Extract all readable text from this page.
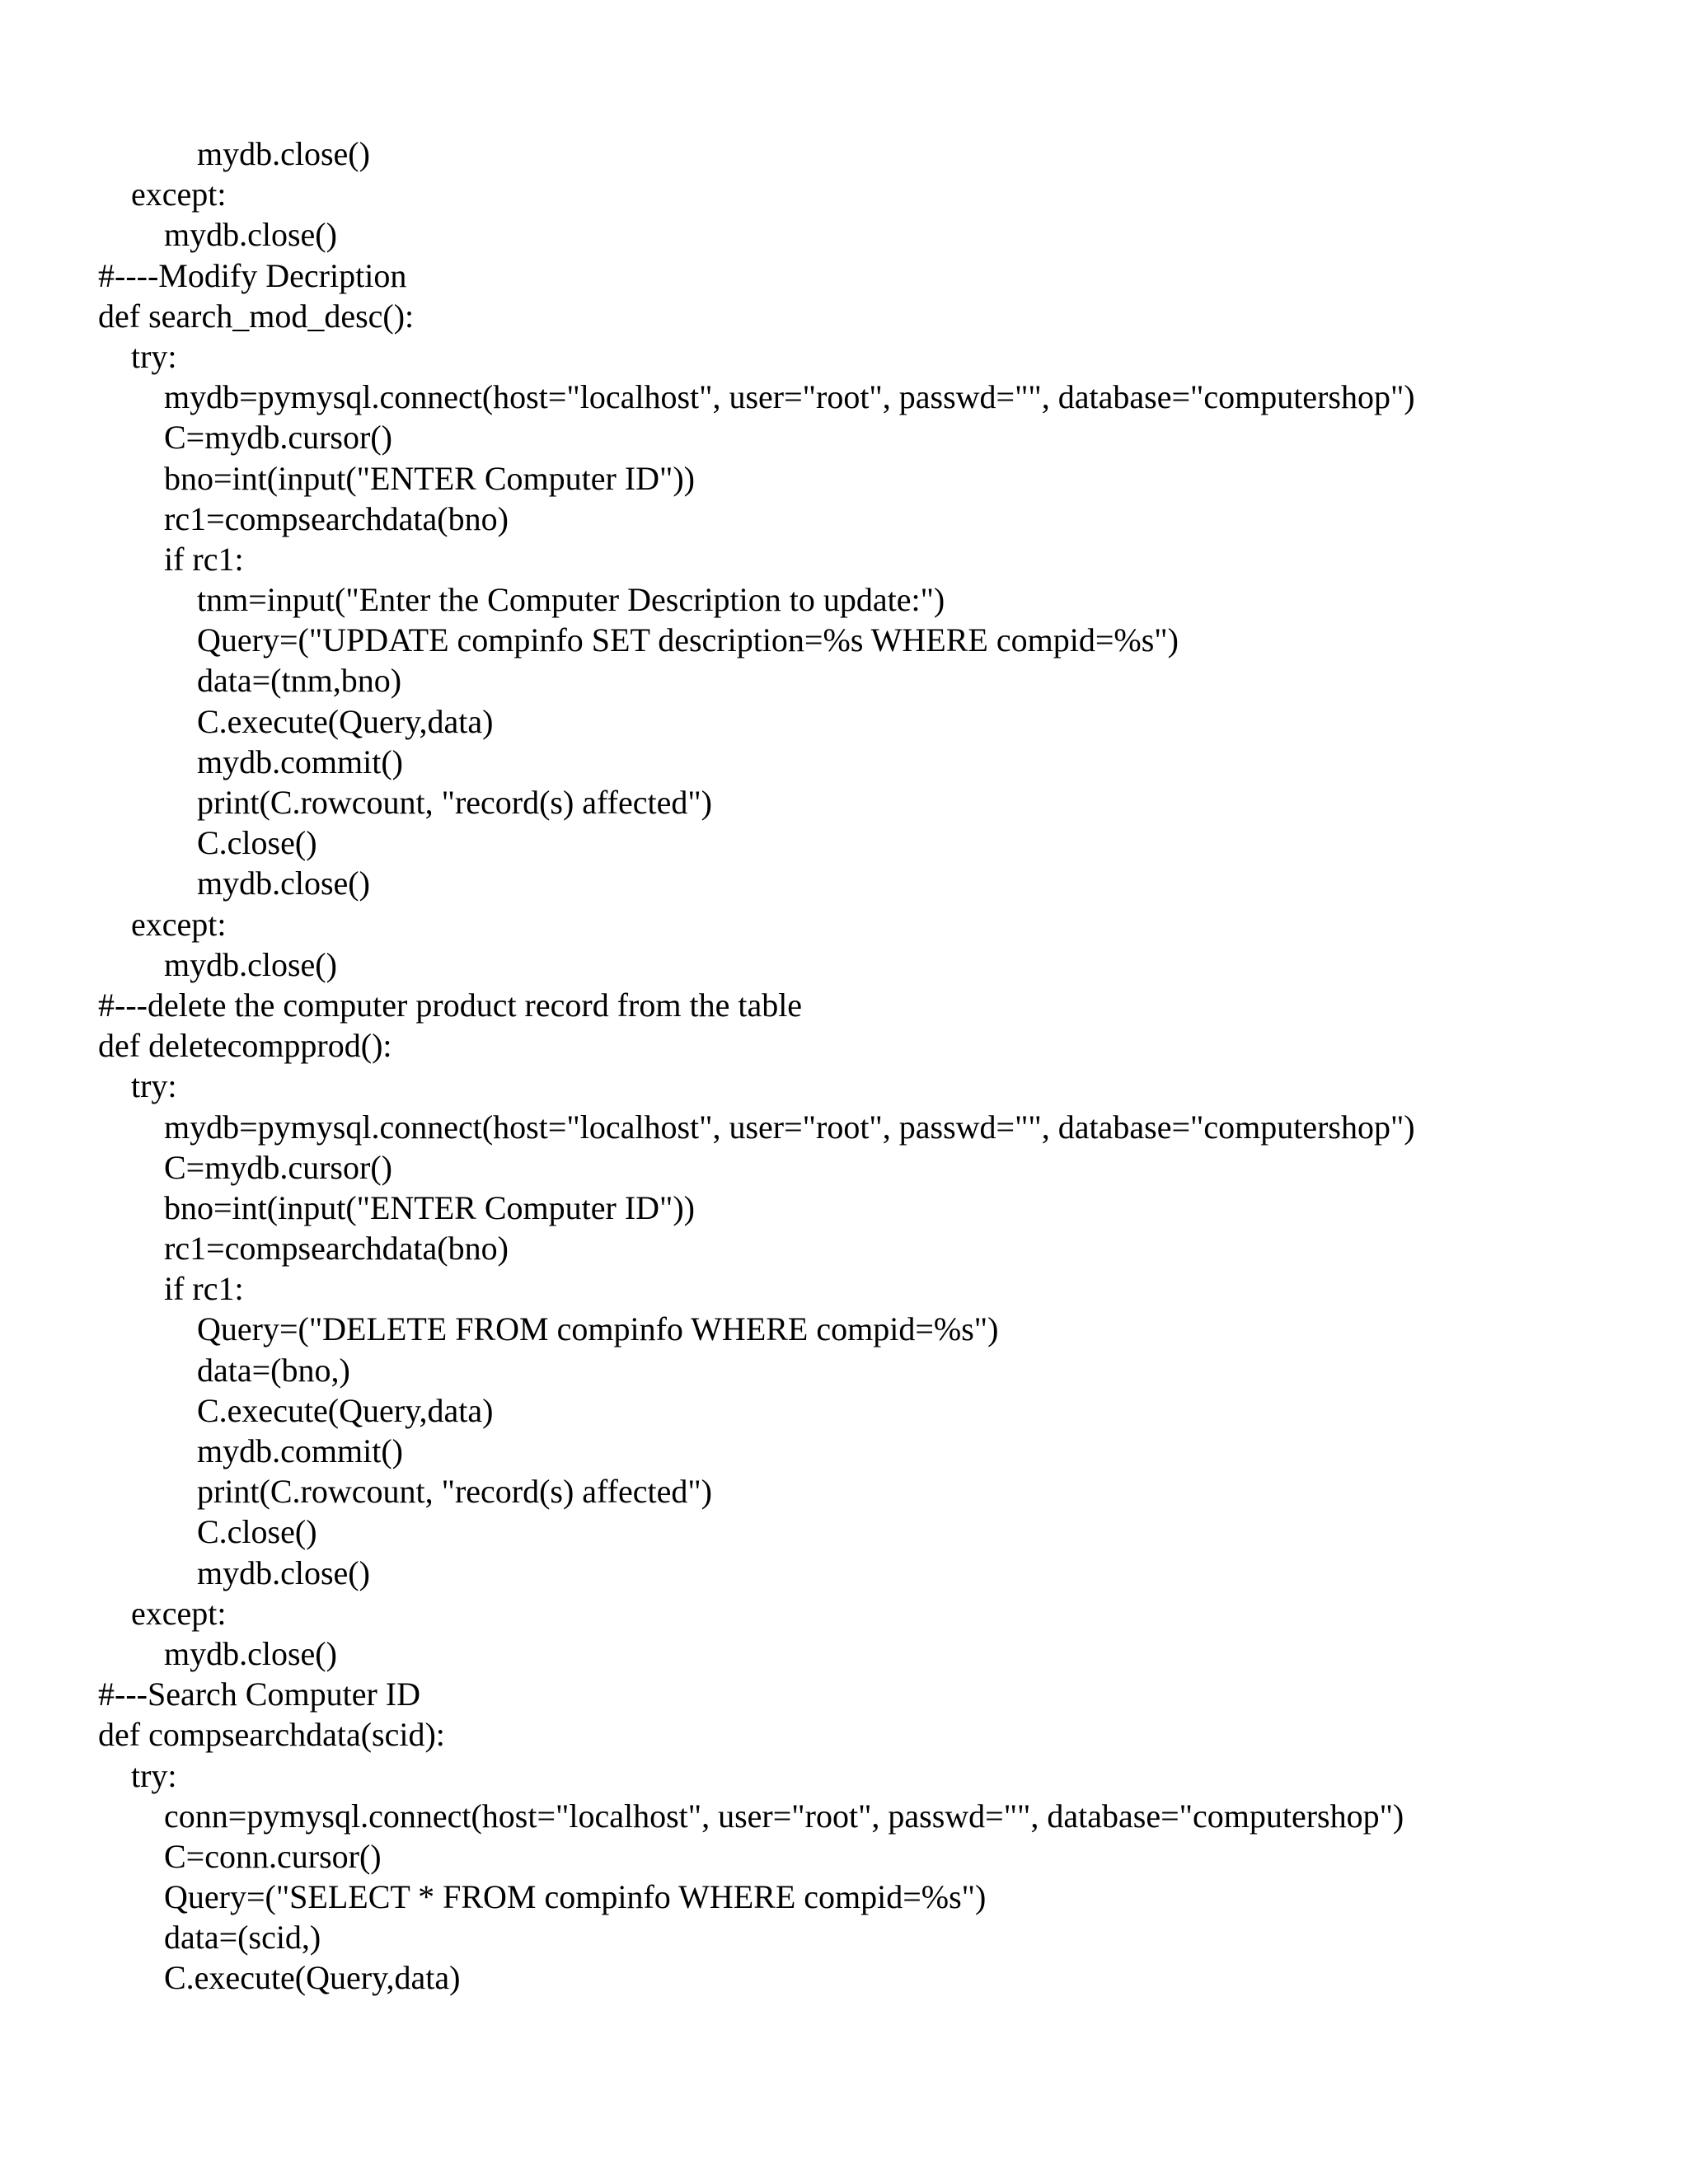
mydb.close()
except:
mydb.close()
#----Modify Decription
def search_mod_desc():
try:
mydb=pymysql.connect(host="localhost", user="root", passwd="", database="computershop")
C=mydb.cursor()
bno=int(input("ENTER Computer ID"))
rc1=compsearchdata(bno)
if rc1:
tnm=input("Enter the Computer Description to update:")
Query=("UPDATE compinfo SET description=%s WHERE compid=%s")
data=(tnm,bno)
C.execute(Query,data)
mydb.commit()
print(C.rowcount, "record(s) affected")
C.close()
mydb.close()
except:
mydb.close()
#---delete the computer product record from the table
def deletecompprod():
try:
mydb=pymysql.connect(host="localhost", user="root", passwd="", database="computershop")
C=mydb.cursor()
bno=int(input("ENTER Computer ID"))
rc1=compsearchdata(bno)
if rc1:
Query=("DELETE FROM compinfo WHERE compid=%s")
data=(bno,)
C.execute(Query,data)
mydb.commit()
print(C.rowcount, "record(s) affected")
C.close()
mydb.close()
except:
mydb.close()
#---Search Computer ID
def compsearchdata(scid):
try:
conn=pymysql.connect(host="localhost", user="root", passwd="", database="computershop")
C=conn.cursor()
Query=("SELECT * FROM compinfo WHERE compid=%s")
data=(scid,)
C.execute(Query,data)
